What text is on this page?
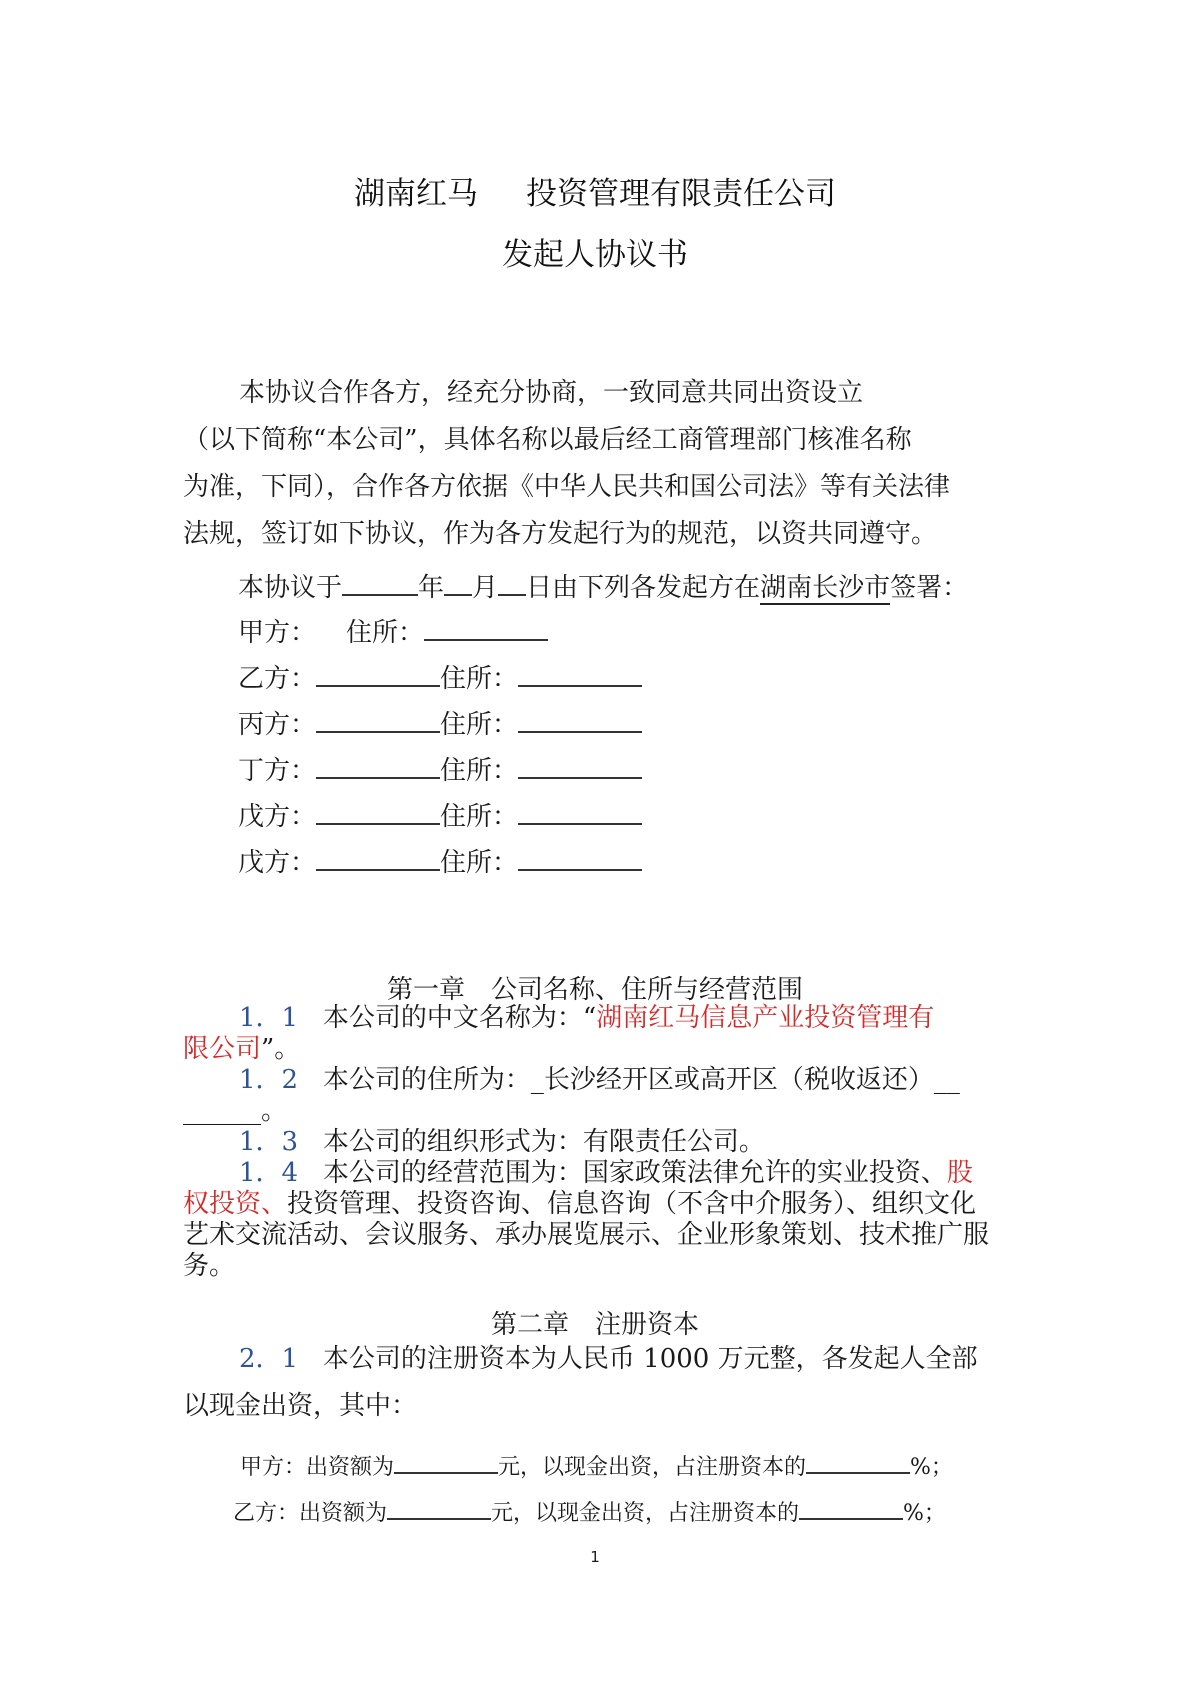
湖南红马 投资管理有限责任公司
发起人协议书

本协议合作各方，经充分协商，一致同意共同出资设立

（以下简称“本公司”，具体名称以最后经工商管理部门核准名称

为准，下同），合作各方依据《中华人民共和国公司法》等有关法律

法规，签订如下协议，作为各方发起行为的规范，以资共同遵守。

本协议于	年 月 日由下列各发起方在湖南长沙市签署：
甲方： 住所：
乙方：	住所：
丙方：	住所：
丁方：	住所：
戊方：	住所：
戊方：	住所：
第一章 公司名称、住所与经营范围

1．1 本公司的中文名称为：“湖南红马信息产业投资管理有

限公司”。

1．2 本公司的住所为：_长沙经开区或高开区（税收返还）__

______。

1．3 本公司的组织形式为：有限责任公司。

1．4 本公司的经营范围为：国家政策法律允许的实业投资、股

权投资、投资管理、投资咨询、信息咨询（不含中介服务）、组织文化

艺术交流活动、会议服务、承办展览展示、企业形象策划、技术推广服

务。

第二章 注册资本

2．1 本公司的注册资本为人民币 1000 万元整，各发起人全部

以现金出资，其中：

甲方：出资额为	元，以现金出资，占注册资本的	%；
乙方：出资额为	元，以现金出资，占注册资本的	%；
1
